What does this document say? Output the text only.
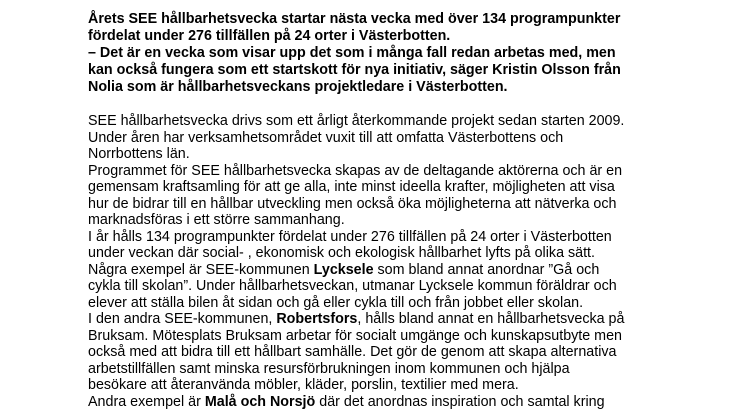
Årets SEE hållbarhetsvecka startar nästa vecka med över 134 programpunkter
fördelat under 276 tillfällen på 24 orter i Västerbotten.
– Det är en vecka som visar upp det som i många fall redan arbetas med, men
kan också fungera som ett startskott för nya initiativ, säger Kristin Olsson från
Nolia som är hållbarhetsveckans projektledare i Västerbotten.
SEE hållbarhetsvecka drivs som ett årligt återkommande projekt sedan starten 2009.
Under åren har verksamhetsområdet vuxit till att omfatta Västerbottens och
Norrbottens län.
Programmet för SEE hållbarhetsvecka skapas av de deltagande aktörerna och är en
gemensam kraftsamling för att ge alla, inte minst ideella krafter, möjligheten att visa
hur de bidrar till en hållbar utveckling men också öka möjligheterna att nätverka och
marknadsföras i ett större sammanhang.
I år hålls 134 programpunkter fördelat under 276 tillfällen på 24 orter i Västerbotten
under veckan där social- , ekonomisk och ekologisk hållbarhet lyfts på olika sätt.
Några exempel är SEE-kommunen Lycksele som bland annat anordnar ”Gå och
cykla till skolan”. Under hållbarhetsveckan, utmanar Lycksele kommun föräldrar och
elever att ställa bilen åt sidan och gå eller cykla till och från jobbet eller skolan.
I den andra SEE-kommunen, Robertsfors, hålls bland annat en hållbarhetsvecka på
Bruksam. Mötesplats Bruksam arbetar för socialt umgänge och kunskapsutbyte men
också med att bidra till ett hållbart samhälle. Det gör de genom att skapa alternativa
arbetstillfällen samt minska resursförbrukningen inom kommunen och hjälpa
besökare att återanvända möbler, kläder, porslin, textilier med mera.
Andra exempel är Malå och Norsjö där det anordnas inspiration och samtal kring
